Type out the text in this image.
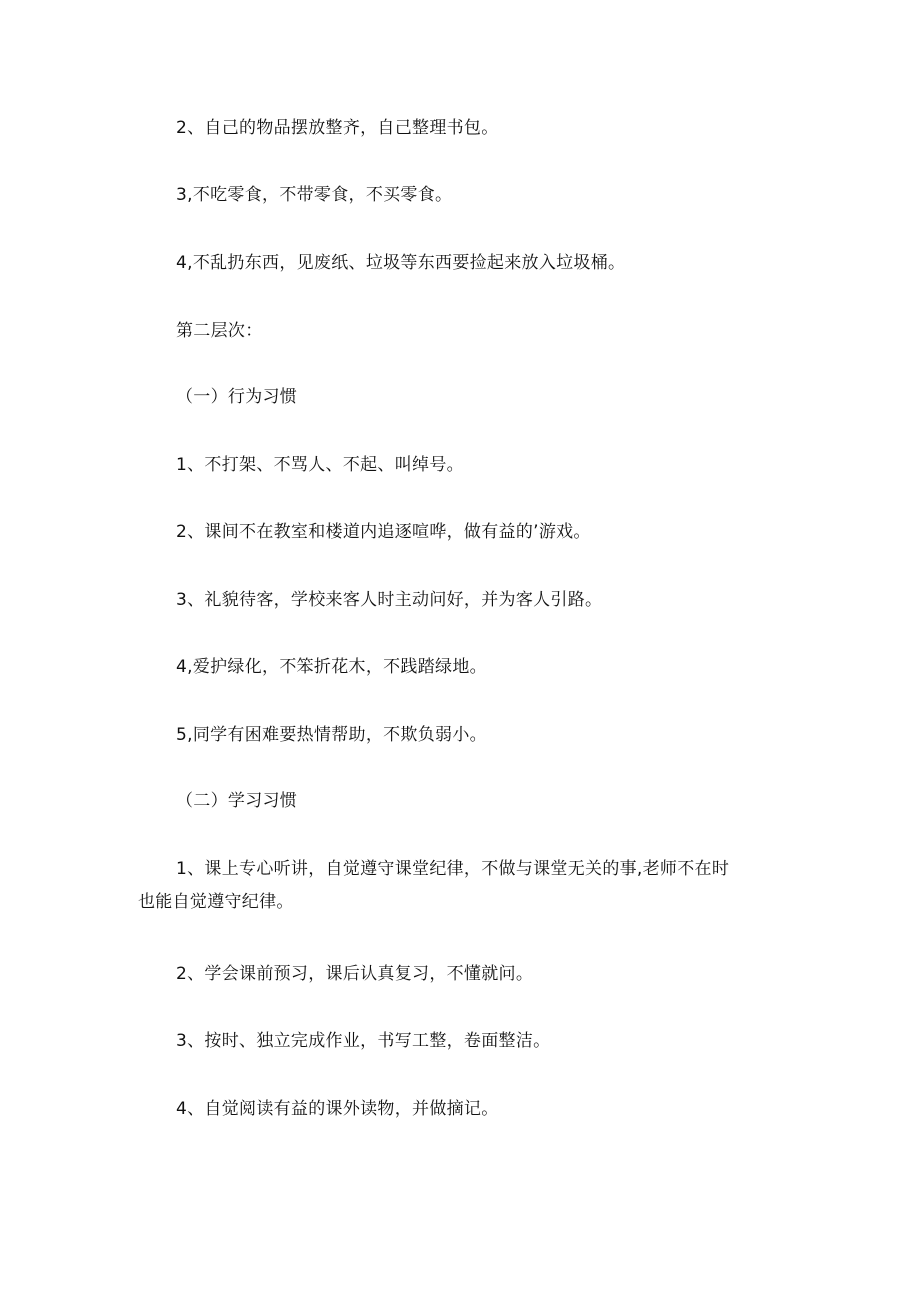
2、自己的物品摆放整齐，自己整理书包。

3,不吃零食，不带零食，不买零食。

4,不乱扔东西，见废纸、垃圾等东西要捡起来放入垃圾桶。

第二层次：

（一）行为习惯

1、不打架、不骂人、不起、叫绰号。

2、课间不在教室和楼道内追逐喧哗，做有益的’游戏。

3、礼貌待客，学校来客人时主动问好，并为客人引路。

4,爱护绿化，不笨折花木，不践踏绿地。

5,同学有困难要热情帮助，不欺负弱小。

（二）学习习惯

1、课上专心听讲，自觉遵守课堂纪律，不做与课堂无关的事,老师不在时

也能自觉遵守纪律。

2、学会课前预习，课后认真复习，不懂就问。

3、按时、独立完成作业，书写工整，卷面整洁。

4、自觉阅读有益的课外读物，并做摘记。
